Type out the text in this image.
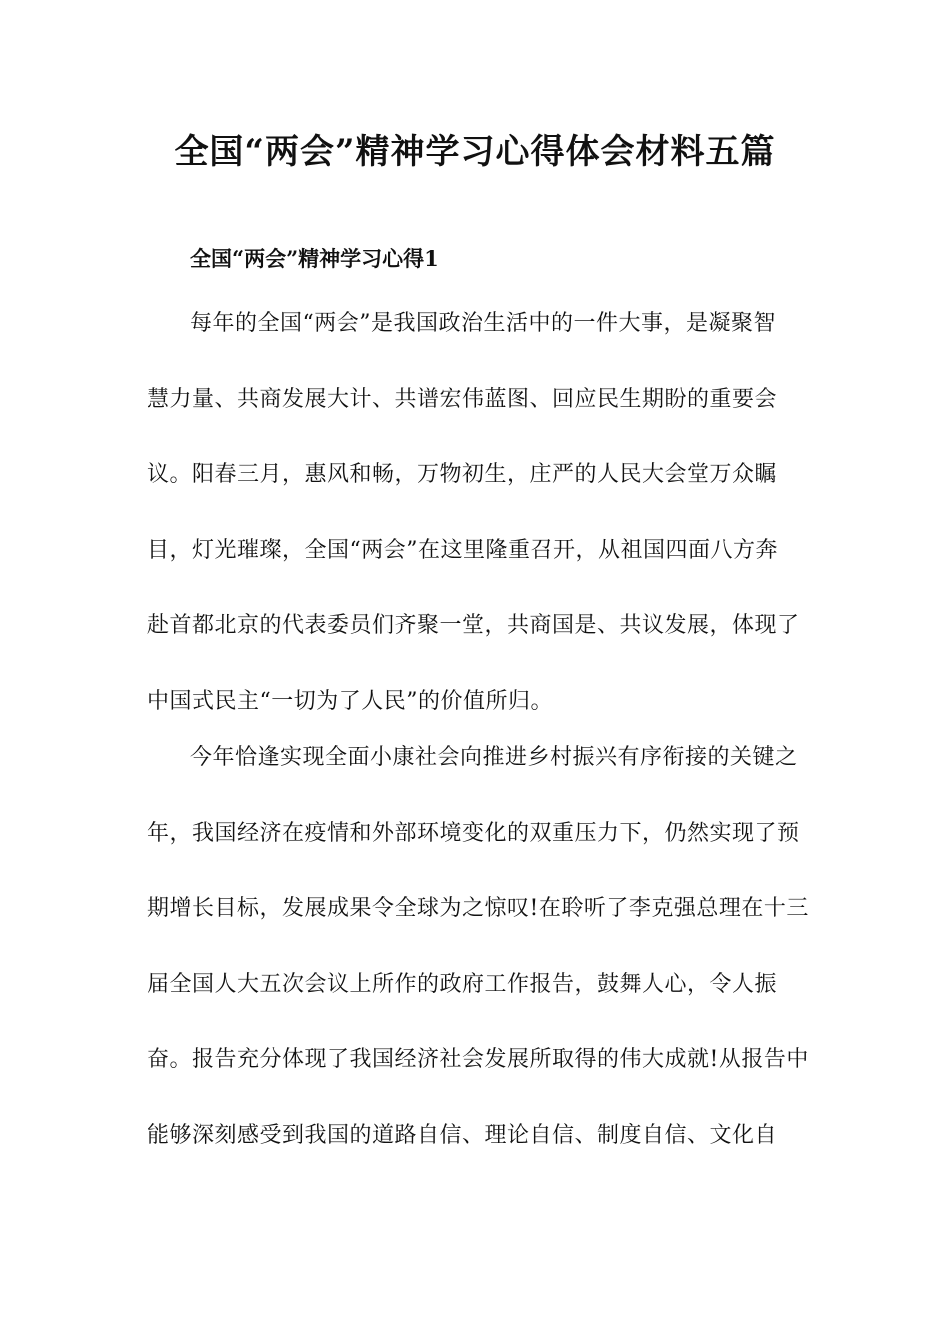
全国“两会”精神学习心得体会材料五篇
全国“两会”精神学习心得1
每年的全国“两会”是我国政治生活中的一件大事，是凝聚智
慧力量、共商发展大计、共谱宏伟蓝图、回应民生期盼的重要会
议。阳春三月，惠风和畅，万物初生，庄严的人民大会堂万众瞩
目，灯光璀璨，全国“两会”在这里隆重召开，从祖国四面八方奔
赴首都北京的代表委员们齐聚一堂，共商国是、共议发展，体现了
中国式民主“一切为了人民”的价值所归。
今年恰逢实现全面小康社会向推进乡村振兴有序衔接的关键之
年，我国经济在疫情和外部环境变化的双重压力下，仍然实现了预
期增长目标，发展成果令全球为之惊叹!在聆听了李克强总理在十三
届全国人大五次会议上所作的政府工作报告，鼓舞人心，令人振
奋。报告充分体现了我国经济社会发展所取得的伟大成就!从报告中
能够深刻感受到我国的道路自信、理论自信、制度自信、文化自
